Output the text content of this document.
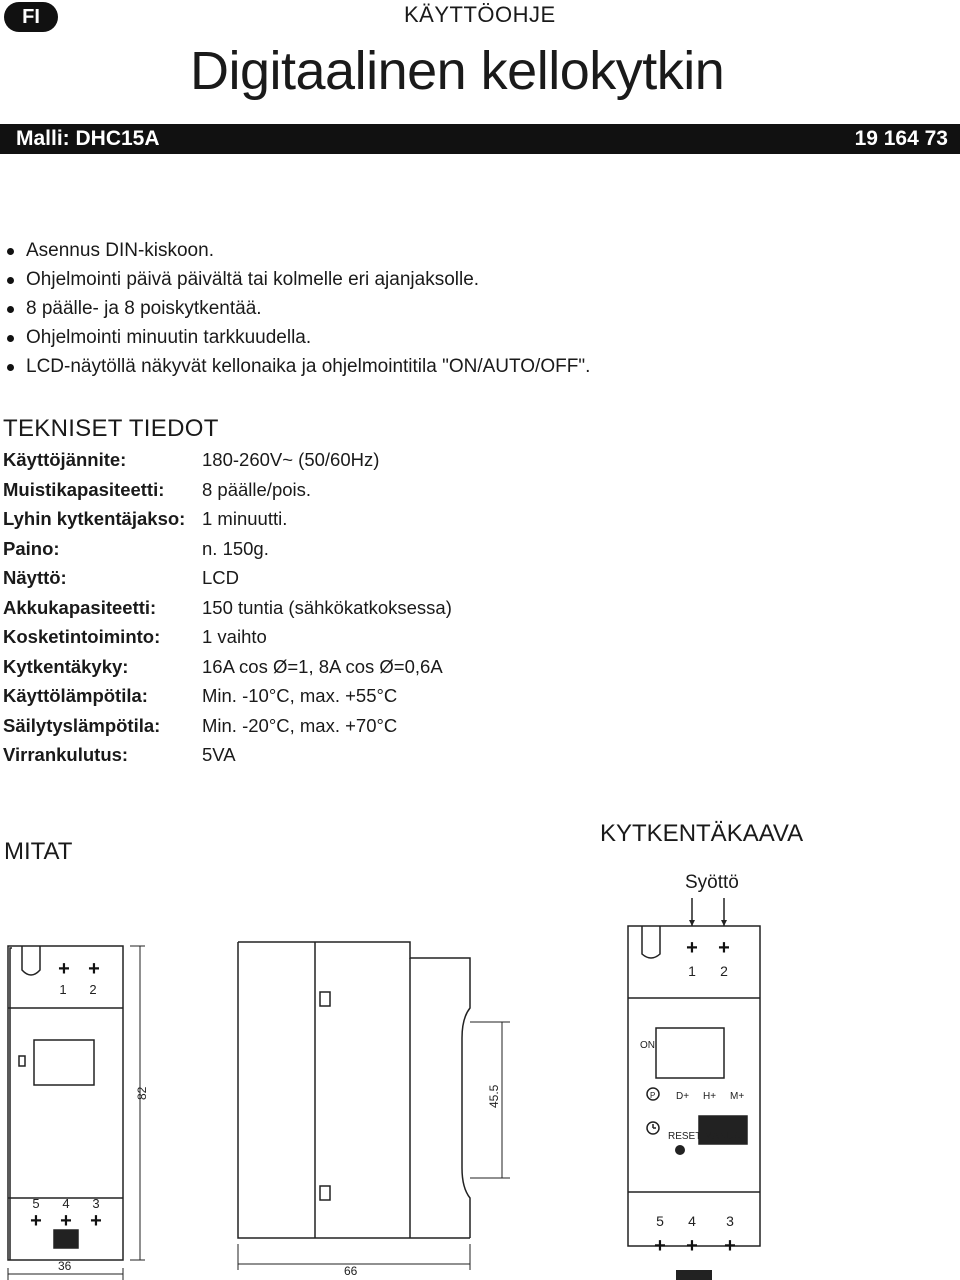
FI	KÄYTTÖOHJE
Digitaalinen kellokytkin
Malli: DHC15A	19 164 73
Asennus DIN-kiskoon.
Ohjelmointi päivä päivältä tai kolmelle eri ajanjaksolle.
8 päälle- ja 8 poiskytkentää.
Ohjelmointi minuutin tarkkuudella.
LCD-näytöllä näkyvät kellonaika ja ohjelmointitila "ON/AUTO/OFF".
TEKNISET TIEDOT
Käyttöjännite:	180-260V~ (50/60Hz)
Muistikapasiteetti: 8 päälle/pois.
Lyhin kytkentäjakso: 1 minuutti.
Paino:	n. 150g.
Näyttö:	LCD
Akkukapasiteetti: 150 tuntia (sähkökatkoksessa)
Kosketintoiminto: 1 vaihto
Kytkentäkyky:	16A cos Ø=1, 8A cos Ø=0,6A
Käyttölämpötila:	Min. -10°C, max. +55°C
Säilytyslämpötila: Min. -20°C, max. +70°C
Virrankulutus:	5VA
MITAT
KYTKENTÄKAAVA
Syöttö
+ +
+ + +
1 2
5 4 3
82
36
45.5
66
+ +
+ + +
1 2
5 4 3
ON
P D+ H+ M+
RESET MANUAL
